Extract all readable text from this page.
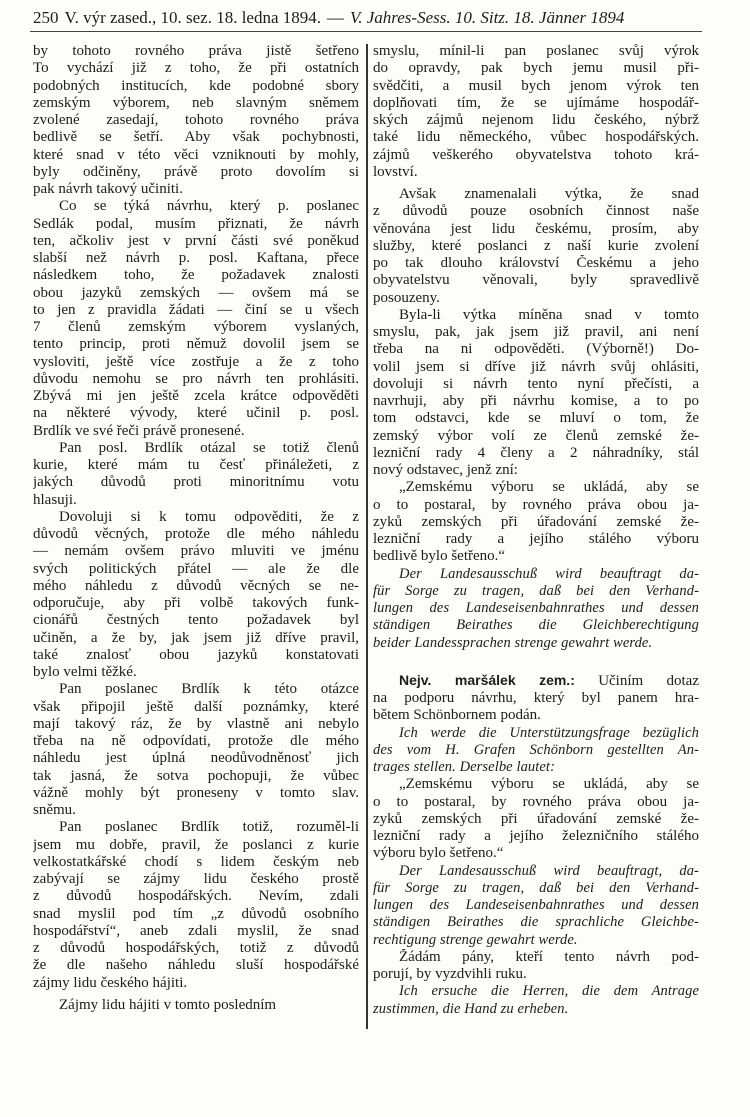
250 V. výr zased., 10. sez. 18. ledna 1894. — V. Jahres-Sess. 10. Sitz. 18. Jänner 1894
by tohoto rovného práva jistě šetřeno
To vychází již z toho, že při ostatních
podobných institucích, kde podobné sbory
zemským výborem, neb slavným sněmem
zvolené zasedají, tohoto rovného práva
bedlivě se šetří. Aby však pochybnosti,
které snad v této věci vzniknouti by mohly,
byly odčiněny, právě proto dovolím si
pak návrh takový učiniti.
Co se týká návrhu, který p. poslanec
Sedlák podal, musím přiznati, že návrh
ten, ačkoliv jest v první části své poněkud
slabší než návrh p. posl. Kaftana, přece
následkem toho, že požadavek znalosti
obou jazyků zemských — ovšem má se
to jen z pravidla žádati — činí se u všech
7 členů zemským výborem vyslaných,
tento princip, proti němuž dovolil jsem se
vysloviti, ještě více zostřuje a že z toho
důvodu nemohu se pro návrh ten prohlásiti.
Zbývá mi jen ještě zcela krátce odpověděti
na některé vývody, které učinil p. posl.
Brdlík ve své řeči právě pronesené.
Pan posl. Brdlík otázal se totiž členů
kurie, které mám tu česť přináležeti, z
jakých důvodů proti minoritnímu votu
hlasuji.
Dovoluji si k tomu odpověditi, že z
důvodů věcných, protože dle mého náhledu
— nemám ovšem právo mluviti ve jménu
svých politických přátel — ale že dle
mého náhledu z důvodů věcných se ne-
odporučuje, aby při volbě takových funk-
cionářů čestných tento požadavek byl
učiněn, a že by, jak jsem již dříve pravil,
také znalosť obou jazyků konstatovati
bylo velmi těžké.
Pan poslanec Brdlík k této otázce
však připojil ještě další poznámky, které
mají takový ráz, že by vlastně ani nebylo
třeba na ně odpovídati, protože dle mého
náhledu jest úplná neodůvodněnosť jich
tak jasná, že sotva pochopuji, že vůbec
vážně mohly být proneseny v tomto slav.
sněmu.
Pan poslanec Brdlík totiž, rozuměl-li
jsem mu dobře, pravil, že poslanci z kurie
velkostatkářské chodí s lidem českým neb
zabývají se zájmy lidu českého prostě
z důvodů hospodářských. Nevím, zdali
snad myslil pod tím „z důvodů osobního
hospodářství“, aneb zdali myslil, že snad
z důvodů hospodářských, totiž z důvodů
že dle našeho náhledu sluší hospodářské
zájmy lidu českého hájiti.
Zájmy lidu hájiti v tomto posledním
smyslu, mínil-li pan poslanec svůj výrok
do opravdy, pak bych jemu musil při-
svědčiti, a musil bych jenom výrok ten
doplňovati tím, že se ujímáme hospodář-
ských zájmů nejenom lidu českého, nýbrž
také lidu německého, vůbec hospodářských.
zájmů veškerého obyvatelstva tohoto krá-
lovství.
Avšak znamenalali výtka, že snad
z důvodů pouze osobních činnost naše
věnována jest lidu českému, prosím, aby
služby, které poslanci z naší kurie zvolení
po tak dlouho království Českému a jeho
obyvatelstvu věnovali, byly spravedlivě
posouzeny.
Byla-li výtka míněna snad v tomto
smyslu, pak, jak jsem již pravil, ani není
třeba na ni odpověděti. (Výborně!) Do-
volil jsem si dříve již návrh svůj ohlásiti,
dovoluji si návrh tento nyní přečísti, a
navrhuji, aby při návrhu komise, a to po
tom odstavci, kde se mluví o tom, že
zemský výbor volí ze členů zemské že-
lezniční rady 4 členy a 2 náhradníky, stál
nový odstavec, jenž zní:
„Zemskému výboru se ukládá, aby se
o to postaral, by rovného práva obou ja-
zyků zemských při úřadování zemské že-
lezniční rady a jejího stálého výboru
bedlivě bylo šetřeno.“
Der Landesausschuß wird beauftragt da-
für Sorge zu tragen, daß bei den Verhand-
lungen des Landeseisenbahnrathes und dessen
ständigen Beirathes die Gleichberechtigung
beider Landessprachen strenge gewahrt werde.
Nejv. maršálek zem.: Učiním dotaz
na podporu návrhu, který byl panem hra-
bětem Schönbornem podán.
Ich werde die Unterstützungsfrage bezüglich
des vom H. Grafen Schönborn gestellten An-
trages stellen. Derselbe lautet:
„Zemskému výboru se ukládá, aby se
o to postaral, by rovného práva obou ja-
zyků zemských při úřadování zemské že-
lezniční rady a jejího železničního stálého
výboru bylo šetřeno.“
Der Landesausschuß wird beauftragt, da-
für Sorge zu tragen, daß bei den Verhand-
lungen des Landeseisenbahnrathes und dessen
ständigen Beirathes die sprachliche Gleichbe-
rechtigung strenge gewahrt werde.
Žádám pány, kteří tento návrh pod-
porují, by vyzdvihli ruku.
Ich ersuche die Herren, die dem Antrage
zustimmen, die Hand zu erheben.
